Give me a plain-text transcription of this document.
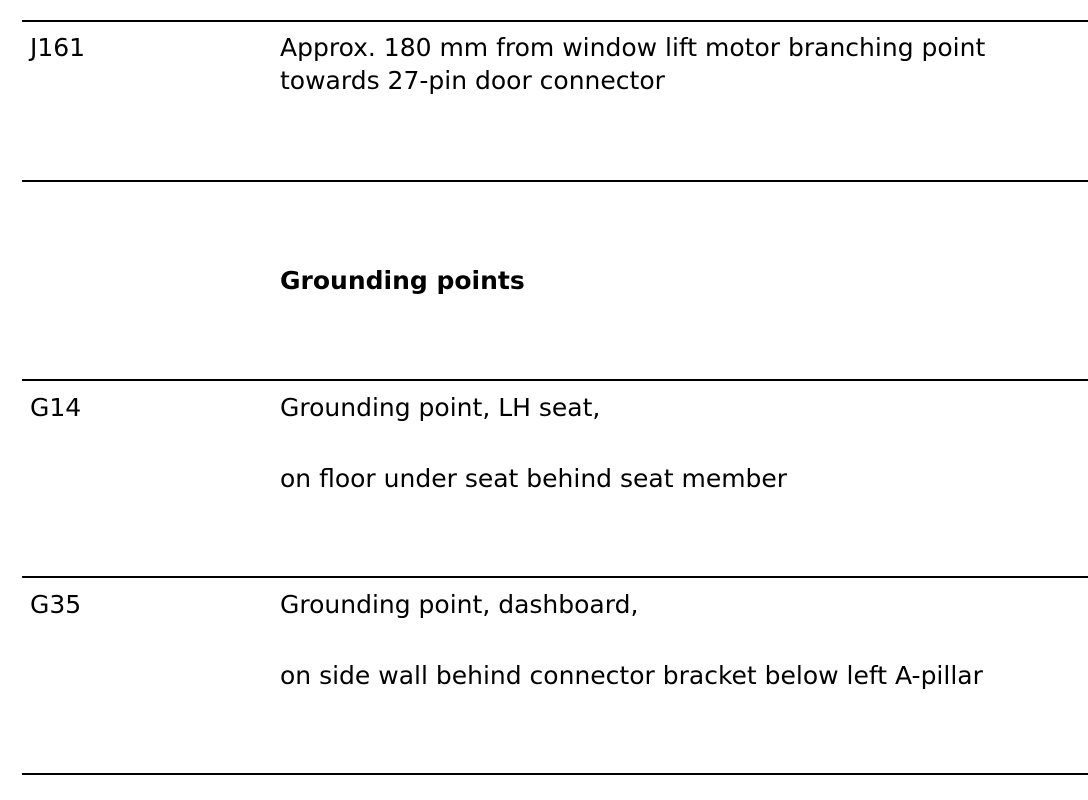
J161	Approx. 180 mm from window lift motor branching point
towards 27-pin door connector
Grounding points
G14	Grounding point, LH seat,
on floor under seat behind seat member
G35	Grounding point, dashboard,
on side wall behind connector bracket below left A-pillar
